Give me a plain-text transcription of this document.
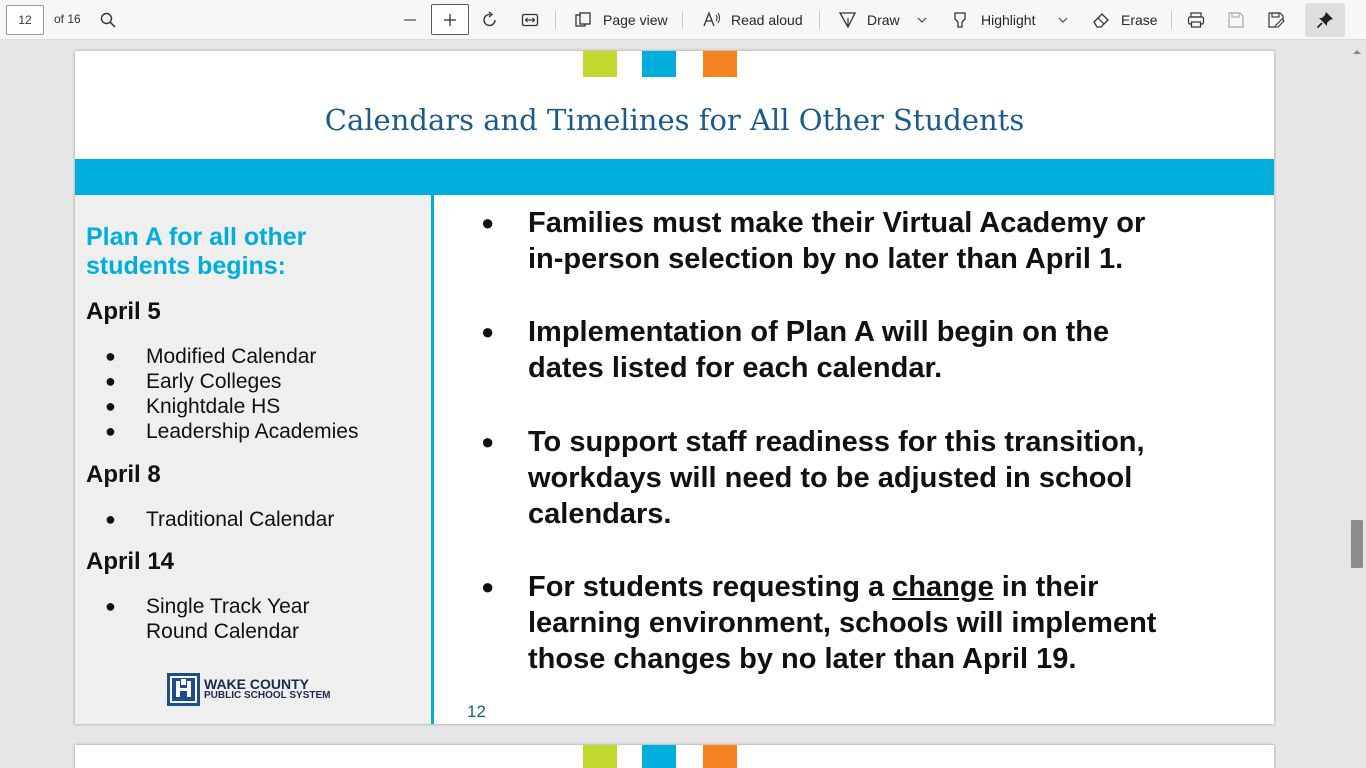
12	of 16	Page view	Read aloud	Draw	Highlight	Erase
Calendars and Timelines for All Other Students
Plan A for all other
students begins:
April 5
● Modified Calendar
● Early Colleges
● Knightdale HS
● Leadership Academies
April 8
● Traditional Calendar
April 14
● Single Track Year
Round Calendar
WAKE COUNTY
PUBLIC SCHOOL SYSTEM
● Families must make their Virtual Academy or
in-person selection by no later than April 1.
● Implementation of Plan A will begin on the
dates listed for each calendar.
● To support staff readiness for this transition,
workdays will need to be adjusted in school
calendars.
● For students requesting a change in their
learning environment, schools will implement
those changes by no later than April 19.
12
